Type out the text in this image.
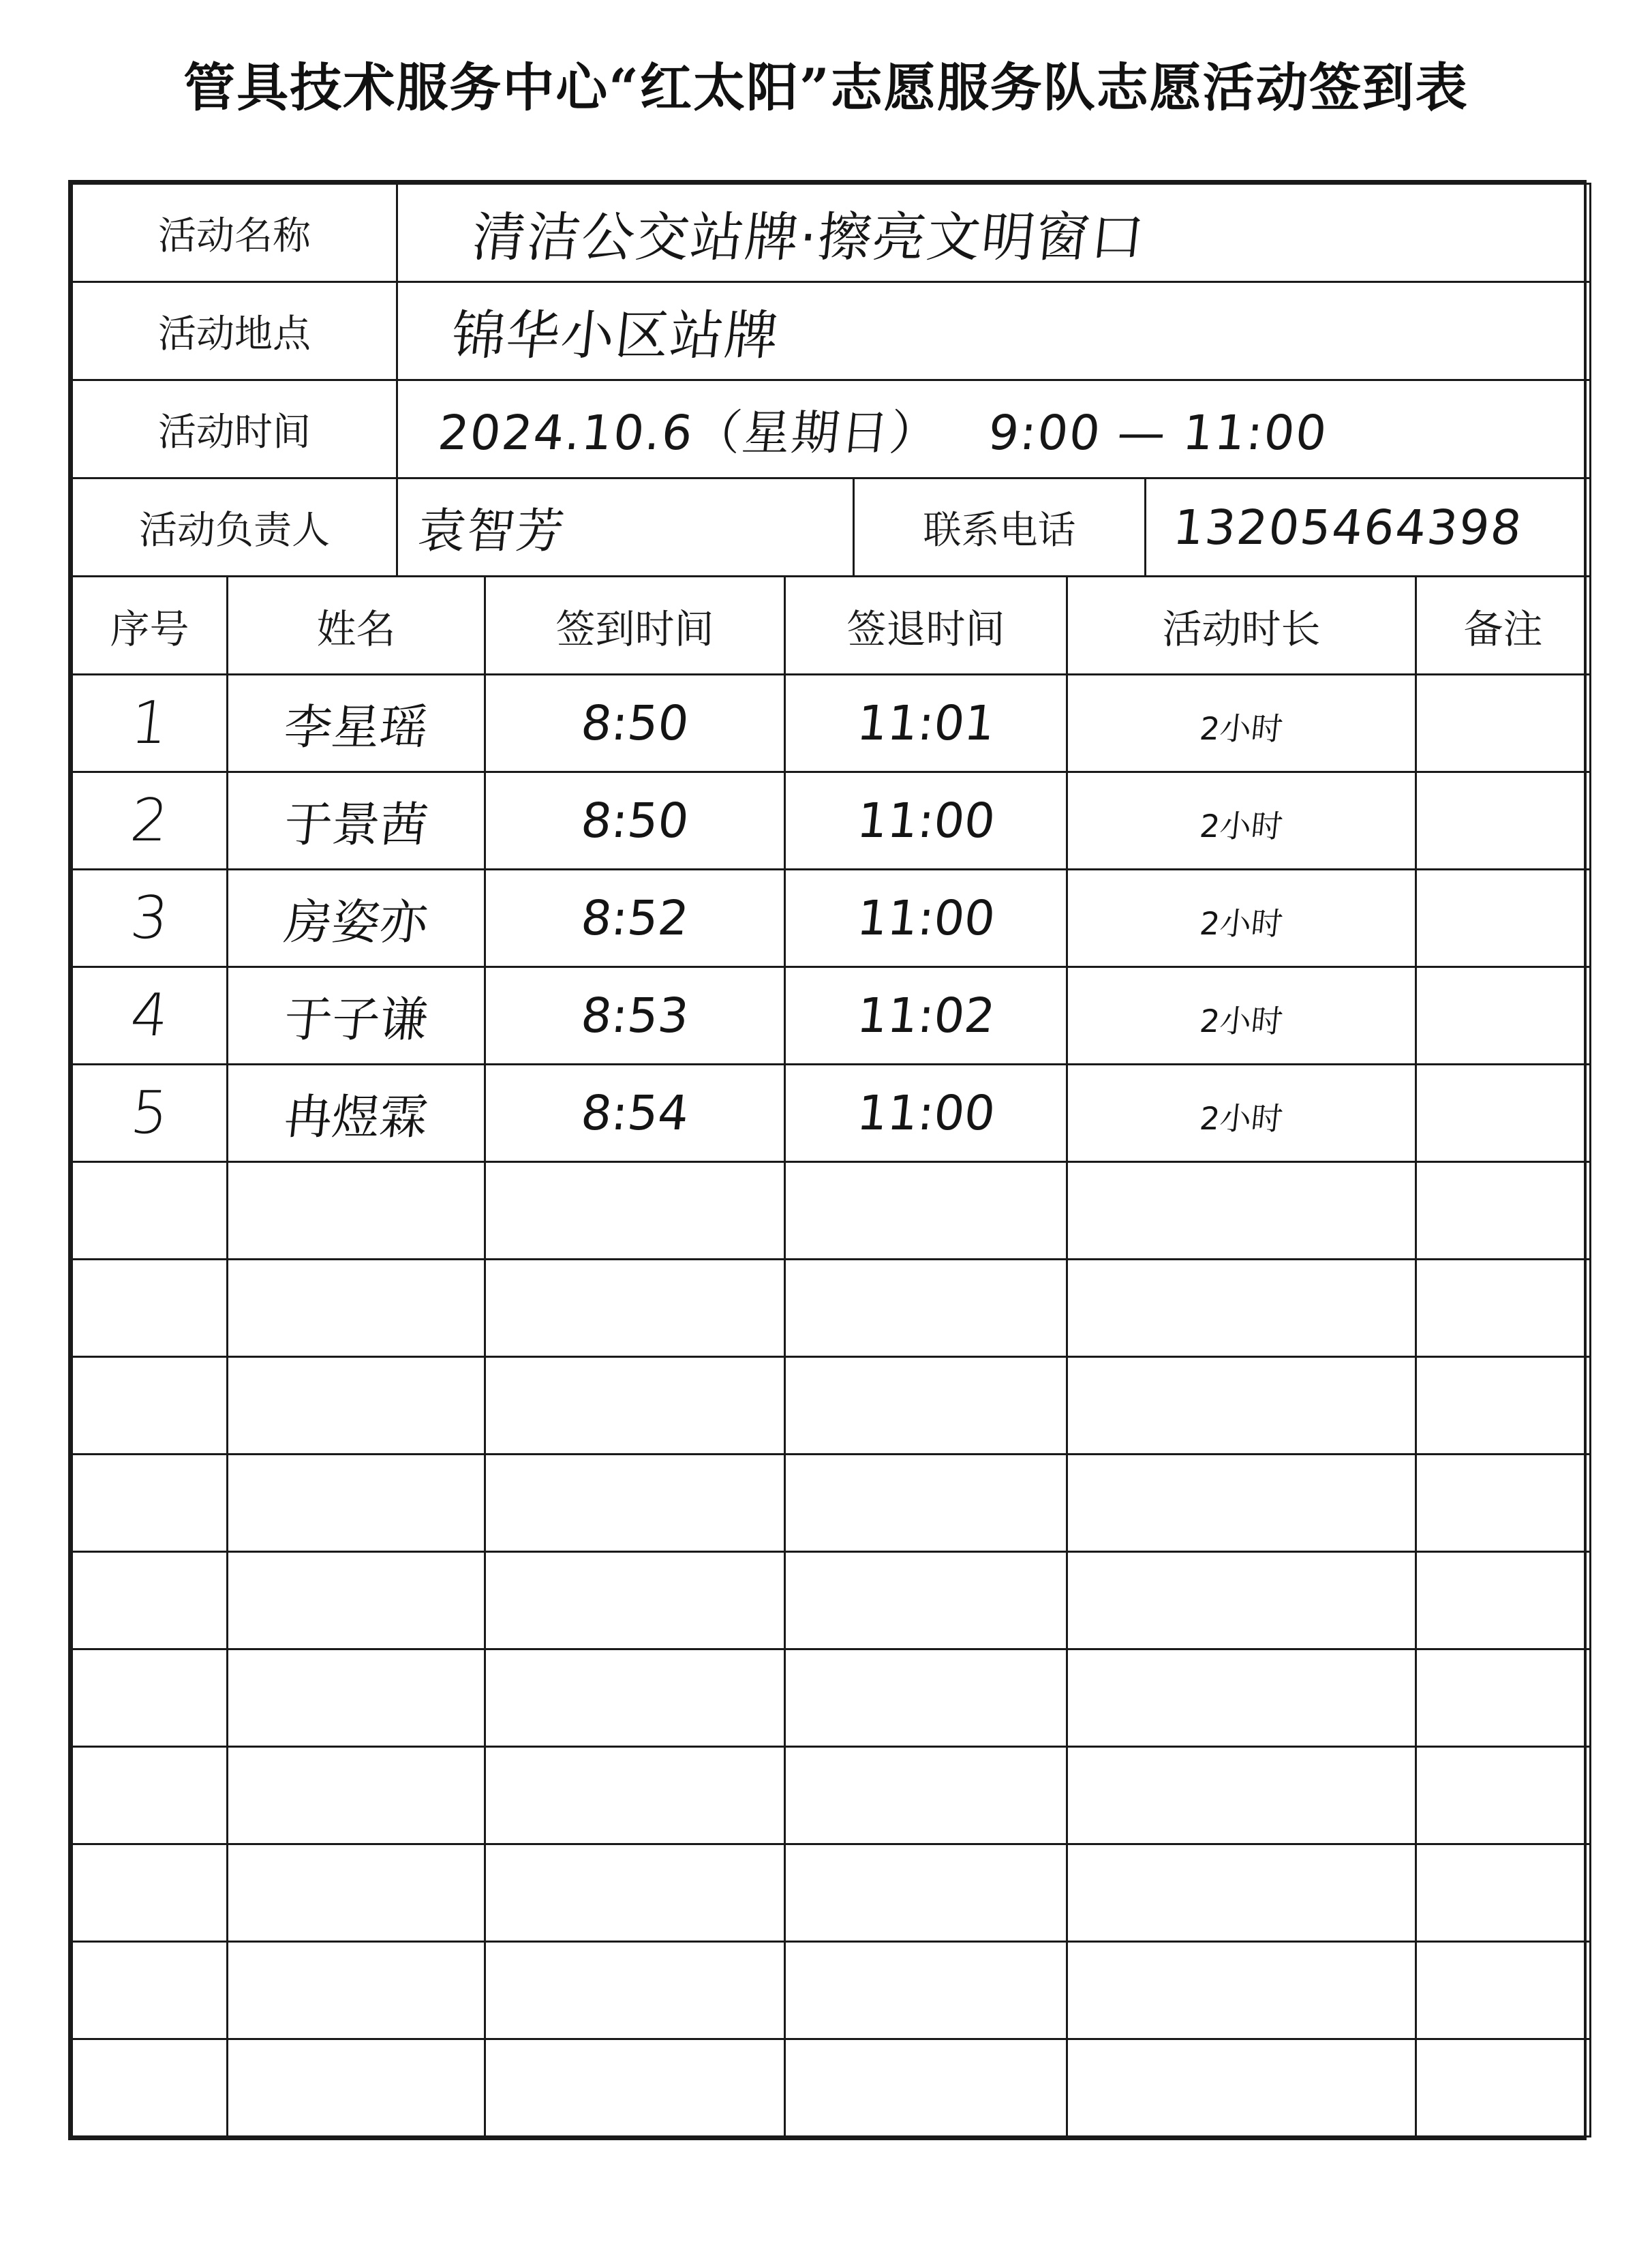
管具技术服务中心“红太阳”志愿服务队志愿活动签到表
活动名称	清洁公交站牌·擦亮文明窗口		
活动地点	锦华小区站牌		
活动时间	2024.10.6（星期日）   9:00 — 11:00		
活动负责人	袁智芳	联系电话	13205464398
序号	姓名	签到时间	签退时间	活动时长	备注
1	李星瑶	8:50	11:01	2小时	
2	于景茜	8:50	11:00	2小时	
3	房姿亦	8:52	11:00	2小时	
4	于子谦	8:53	11:02	2小时	
5	冉煜霖	8:54	11:00	2小时	
